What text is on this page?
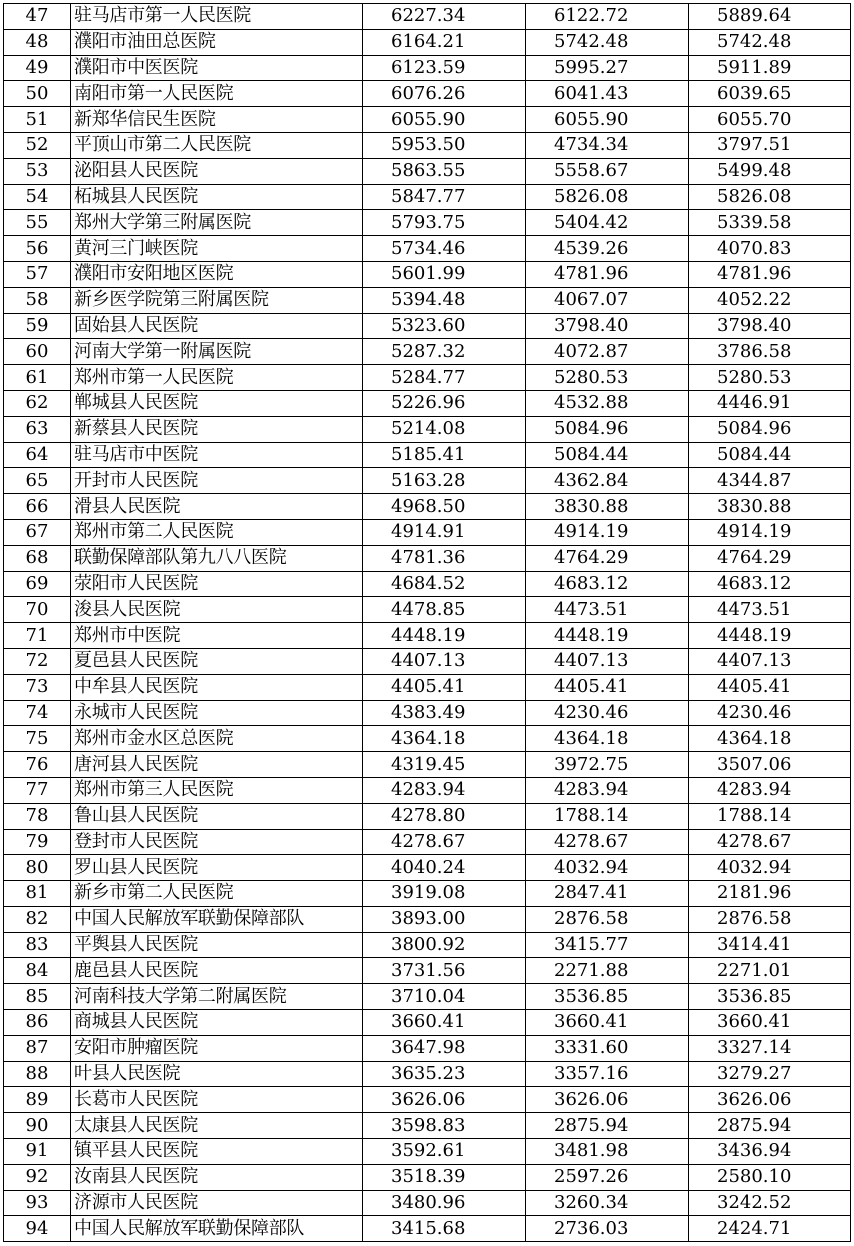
47	驻马店市第一人民医院	6227.34	6122.72	5889.64
48	濮阳市油田总医院	6164.21	5742.48	5742.48
49	濮阳市中医医院	6123.59	5995.27	5911.89
50	南阳市第一人民医院	6076.26	6041.43	6039.65
51	新郑华信民生医院	6055.90	6055.90	6055.70
52	平顶山市第二人民医院	5953.50	4734.34	3797.51
53	泌阳县人民医院	5863.55	5558.67	5499.48
54	柘城县人民医院	5847.77	5826.08	5826.08
55	郑州大学第三附属医院	5793.75	5404.42	5339.58
56	黄河三门峡医院	5734.46	4539.26	4070.83
57	濮阳市安阳地区医院	5601.99	4781.96	4781.96
58	新乡医学院第三附属医院	5394.48	4067.07	4052.22
59	固始县人民医院	5323.60	3798.40	3798.40
60	河南大学第一附属医院	5287.32	4072.87	3786.58
61	郑州市第一人民医院	5284.77	5280.53	5280.53
62	郸城县人民医院	5226.96	4532.88	4446.91
63	新蔡县人民医院	5214.08	5084.96	5084.96
64	驻马店市中医院	5185.41	5084.44	5084.44
65	开封市人民医院	5163.28	4362.84	4344.87
66	滑县人民医院	4968.50	3830.88	3830.88
67	郑州市第二人民医院	4914.91	4914.19	4914.19
68	联勤保障部队第九八八医院	4781.36	4764.29	4764.29
69	荥阳市人民医院	4684.52	4683.12	4683.12
70	浚县人民医院	4478.85	4473.51	4473.51
71	郑州市中医院	4448.19	4448.19	4448.19
72	夏邑县人民医院	4407.13	4407.13	4407.13
73	中牟县人民医院	4405.41	4405.41	4405.41
74	永城市人民医院	4383.49	4230.46	4230.46
75	郑州市金水区总医院	4364.18	4364.18	4364.18
76	唐河县人民医院	4319.45	3972.75	3507.06
77	郑州市第三人民医院	4283.94	4283.94	4283.94
78	鲁山县人民医院	4278.80	1788.14	1788.14
79	登封市人民医院	4278.67	4278.67	4278.67
80	罗山县人民医院	4040.24	4032.94	4032.94
81	新乡市第二人民医院	3919.08	2847.41	2181.96
82	中国人民解放军联勤保障部队	3893.00	2876.58	2876.58
83	平舆县人民医院	3800.92	3415.77	3414.41
84	鹿邑县人民医院	3731.56	2271.88	2271.01
85	河南科技大学第二附属医院	3710.04	3536.85	3536.85
86	商城县人民医院	3660.41	3660.41	3660.41
87	安阳市肿瘤医院	3647.98	3331.60	3327.14
88	叶县人民医院	3635.23	3357.16	3279.27
89	长葛市人民医院	3626.06	3626.06	3626.06
90	太康县人民医院	3598.83	2875.94	2875.94
91	镇平县人民医院	3592.61	3481.98	3436.94
92	汝南县人民医院	3518.39	2597.26	2580.10
93	济源市人民医院	3480.96	3260.34	3242.52
94	中国人民解放军联勤保障部队	3415.68	2736.03	2424.71
